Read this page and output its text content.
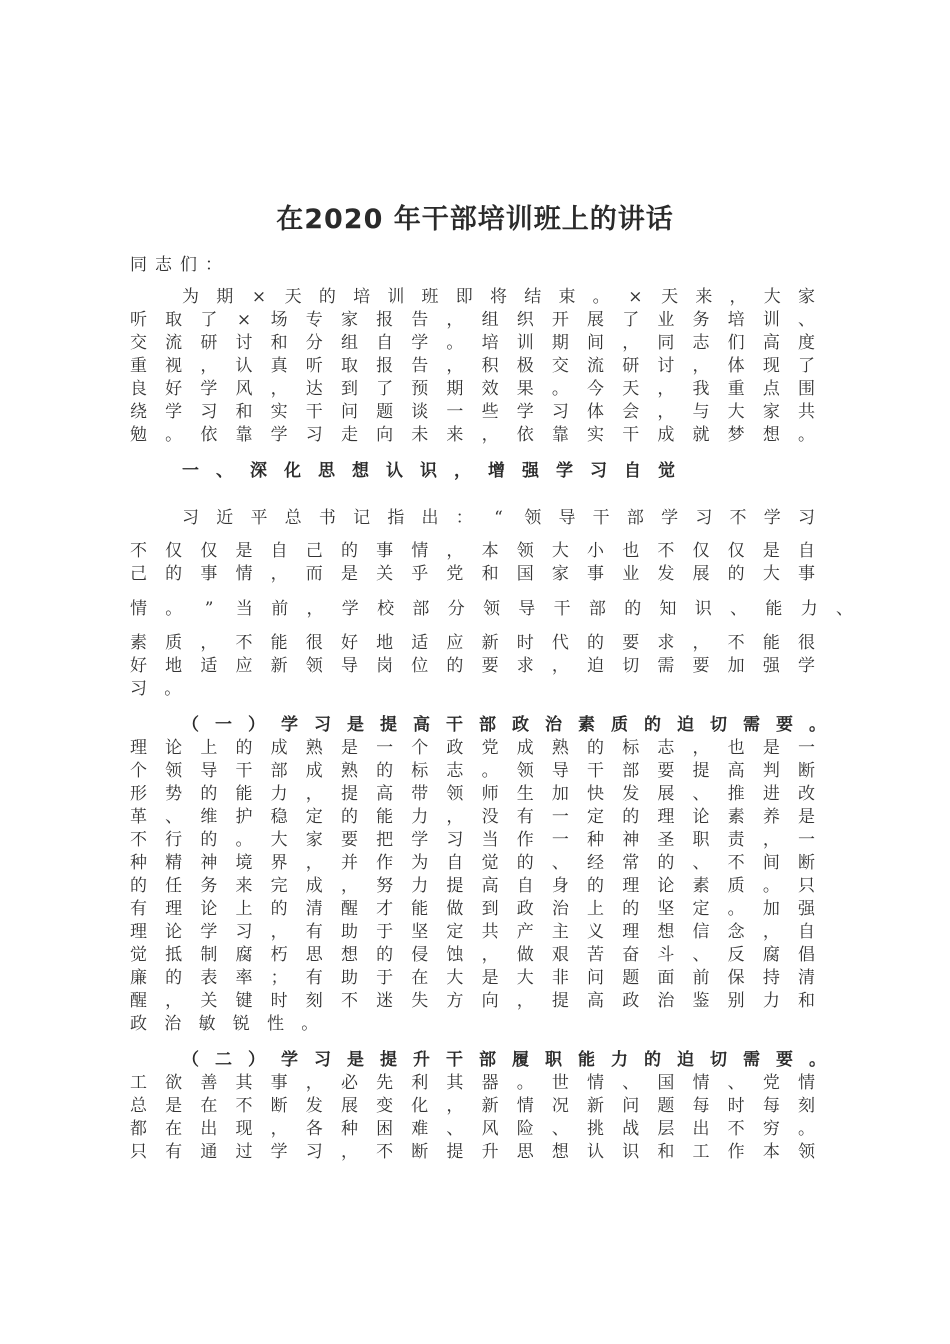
在2020 年干部培训班上的讲话
同 志 们 ：
为 期 × 天 的 培 训 班 即 将 结 束 。 × 天 来 ， 大 家
听 取 了 × 场 专 家 报 告 ， 组 织 开 展 了 业 务 培 训 、
交 流 研 讨 和 分 组 自 学 。 培 训 期 间 ， 同 志 们 高 度
重 视 ， 认 真 听 取 报 告 ， 积 极 交 流 研 讨 ， 体 现 了
良 好 学 风 ， 达 到 了 预 期 效 果 。 今 天 ， 我 重 点 围
绕 学 习 和 实 干 问 题 谈 一 些 学 习 体 会 ， 与 大 家 共
勉 。 依 靠 学 习 走 向 未 来 ， 依 靠 实 干 成 就 梦 想 。
一 、 深 化 思 想 认 识 ， 增 强 学 习 自 觉
习 近 平 总 书 记 指 出 ： “ 领 导 干 部 学 习 不 学 习
不 仅 仅 是 自 己 的 事 情 ， 本 领 大 小 也 不 仅 仅 是 自
己 的 事 情 ， 而 是 关 乎 党 和 国 家 事 业 发 展 的 大 事
情 。 ” 当 前 ， 学 校 部 分 领 导 干 部 的 知 识 、 能 力 、
素 质 ， 不 能 很 好 地 适 应 新 时 代 的 要 求 ， 不 能 很
好 地 适 应 新 领 导 岗 位 的 要 求 ， 迫 切 需 要 加 强 学
习 。
（ 一 ） 学 习 是 提 高 干 部 政 治 素 质 的 迫 切 需 要 。
理 论 上 的 成 熟 是 一 个 政 党 成 熟 的 标 志 ， 也 是 一
个 领 导 干 部 成 熟 的 标 志 。 领 导 干 部 要 提 高 判 断
形 势 的 能 力 ， 提 高 带 领 师 生 加 快 发 展 、 推 进 改
革 、 维 护 稳 定 的 能 力 ， 没 有 一 定 的 理 论 素 养 是
不 行 的 。 大 家 要 把 学 习 当 作 一 种 神 圣 职 责 ， 一
种 精 神 境 界 ， 并 作 为 自 觉 的 、 经 常 的 、 不 间 断
的 任 务 来 完 成 ， 努 力 提 高 自 身 的 理 论 素 质 。 只
有 理 论 上 的 清 醒 才 能 做 到 政 治 上 的 坚 定 。 加 强
理 论 学 习 ， 有 助 于 坚 定 共 产 主 义 理 想 信 念 ， 自
觉 抵 制 腐 朽 思 想 的 侵 蚀 ， 做 艰 苦 奋 斗 、 反 腐 倡
廉 的 表 率 ； 有 助 于 在 大 是 大 非 问 题 面 前 保 持 清
醒 ， 关 键 时 刻 不 迷 失 方 向 ， 提 高 政 治 鉴 别 力 和
政 治 敏 锐 性 。
（ 二 ） 学 习 是 提 升 干 部 履 职 能 力 的 迫 切 需 要 。
工 欲 善 其 事 ， 必 先 利 其 器 。 世 情 、 国 情 、 党 情
总 是 在 不 断 发 展 变 化 ， 新 情 况 新 问 题 每 时 每 刻
都 在 出 现 ， 各 种 困 难 、 风 险 、 挑 战 层 出 不 穷 。
只 有 通 过 学 习 ， 不 断 提 升 思 想 认 识 和 工 作 本 领
